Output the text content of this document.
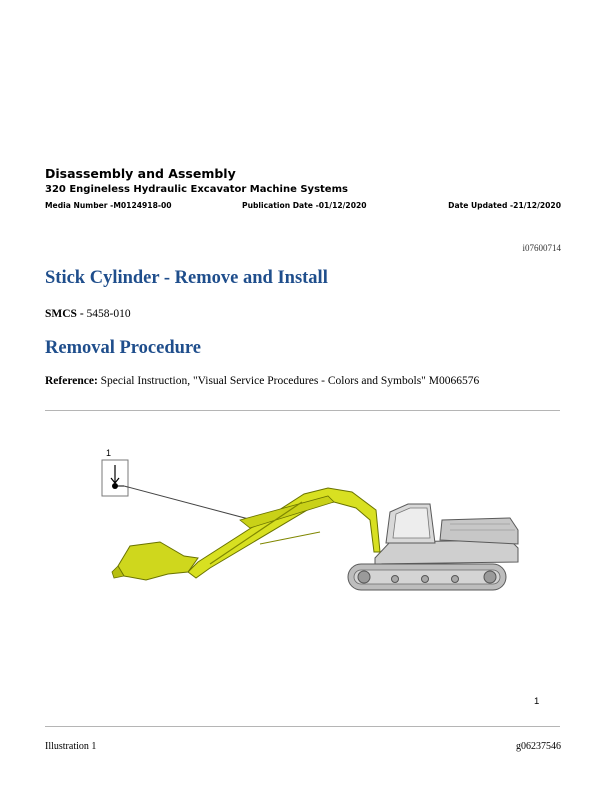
Disassembly and Assembly
320 Engineless Hydraulic Excavator Machine Systems
Media Number -M0124918-00	Publication Date -01/12/2020	Date Updated -21/12/2020
i07600714
Stick Cylinder - Remove and Install
SMCS - 5458-010
Removal Procedure
Reference: Special Instruction, "Visual Service Procedures - Colors and Symbols" M0066576
1
1
Illustration 1	g06237546
